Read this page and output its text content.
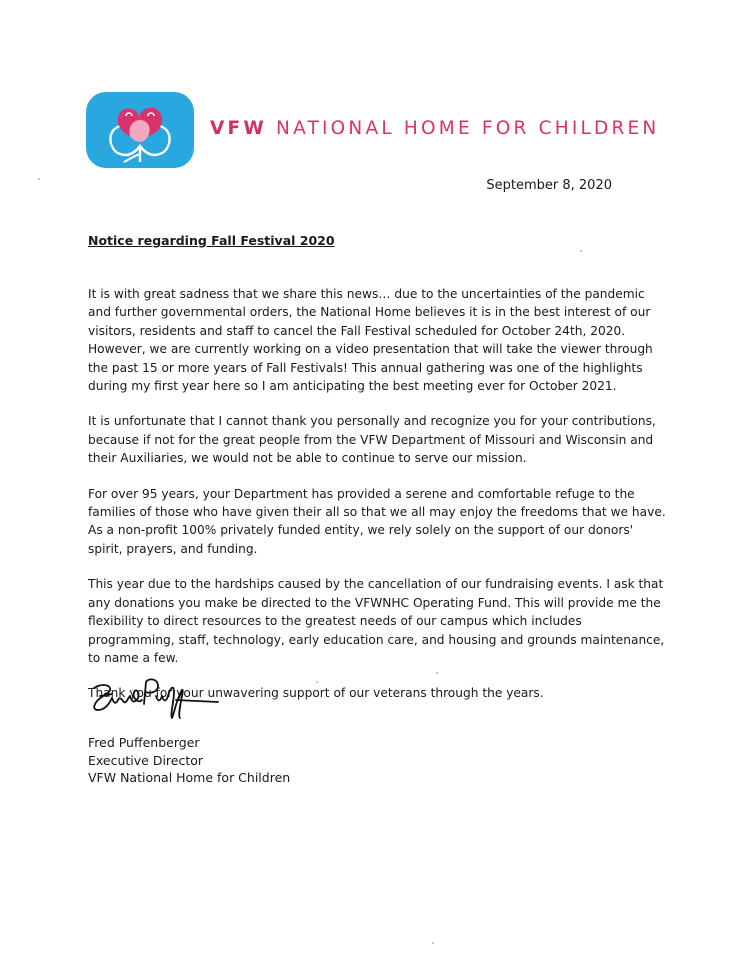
VFW NATIONAL HOME FOR CHILDREN
September 8, 2020
Notice regarding Fall Festival 2020

It is with great sadness that we share this news… due to the uncertainties of the pandemic and further governmental orders, the National Home believes it is in the best interest of our visitors, residents and staff to cancel the Fall Festival scheduled for October 24th, 2020. However, we are currently working on a video presentation that will take the viewer through the past 15 or more years of Fall Festivals! This annual gathering was one of the highlights during my first year here so I am anticipating the best meeting ever for October 2021.

It is unfortunate that I cannot thank you personally and recognize you for your contributions, because if not for the great people from the VFW Department of Missouri and Wisconsin and their Auxiliaries, we would not be able to continue to serve our mission.

For over 95 years, your Department has provided a serene and comfortable refuge to the families of those who have given their all so that we all may enjoy the freedoms that we have. As a non-profit 100% privately funded entity, we rely solely on the support of our donors' spirit, prayers, and funding.

This year due to the hardships caused by the cancellation of our fundraising events. I ask that any donations you make be directed to the VFWNHC Operating Fund. This will provide me the flexibility to direct resources to the greatest needs of our campus which includes programming, staff, technology, early education care, and housing and grounds maintenance, to name a few.

Thank you for your unwavering support of our veterans through the years.

Fred Puffenberger
Executive Director
VFW National Home for Children
